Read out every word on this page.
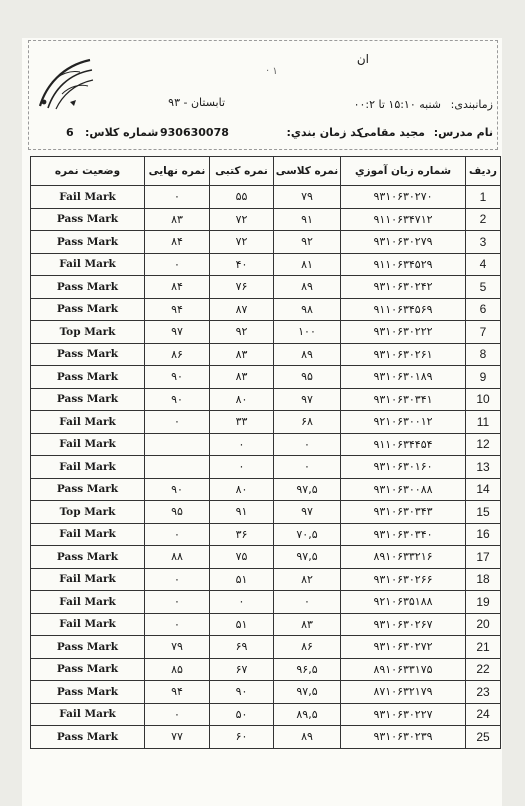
ان
· ۱
زمانبندی:
شنبه ۱۵:۱۰ تا ۰۰:۲
تابستان - ۹۳
نام مدرس:
مجید مقامی
کد زمان بندي:
930630078
شماره کلاس:
6
رديف	شماره زبان آموزي	نمره کلاسی	نمره کتبی	نمره نهایی	وضعیت نمره
1	۹۳۱۰۶۳۰۲۷۰	۷۹	۵۵	۰	Fail Mark
2	۹۱۱۰۶۳۴۷۱۲	۹۱	۷۲	۸۳	Pass Mark
3	۹۳۱۰۶۳۰۲۷۹	۹۲	۷۲	۸۴	Pass Mark
4	۹۱۱۰۶۳۴۵۲۹	۸۱	۴۰	۰	Fail Mark
5	۹۳۱۰۶۳۰۲۴۲	۸۹	۷۶	۸۴	Pass Mark
6	۹۱۱۰۶۳۴۵۶۹	۹۸	۸۷	۹۴	Pass Mark
7	۹۳۱۰۶۳۰۲۲۲	۱۰۰	۹۲	۹۷	Top Mark
8	۹۳۱۰۶۳۰۲۶۱	۸۹	۸۳	۸۶	Pass Mark
9	۹۳۱۰۶۳۰۱۸۹	۹۵	۸۳	۹۰	Pass Mark
10	۹۳۱۰۶۳۰۳۴۱	۹۷	۸۰	۹۰	Pass Mark
11	۹۲۱۰۶۳۰۰۱۲	۶۸	۳۳	۰	Fail Mark
12	۹۱۱۰۶۳۴۴۵۴	۰	۰		Fail Mark
13	۹۳۱۰۶۳۰۱۶۰	۰	۰		Fail Mark
14	۹۳۱۰۶۳۰۰۸۸	۹۷,۵	۸۰	۹۰	Pass Mark
15	۹۳۱۰۶۳۰۳۴۳	۹۷	۹۱	۹۵	Top Mark
16	۹۳۱۰۶۳۰۳۴۰	۷۰,۵	۳۶	۰	Fail Mark
17	۸۹۱۰۶۳۳۲۱۶	۹۷,۵	۷۵	۸۸	Pass Mark
18	۹۳۱۰۶۳۰۲۶۶	۸۲	۵۱	۰	Fail Mark
19	۹۲۱۰۶۳۵۱۸۸	۰	۰	۰	Fail Mark
20	۹۳۱۰۶۳۰۲۶۷	۸۳	۵۱	۰	Fail Mark
21	۹۳۱۰۶۳۰۲۷۲	۸۶	۶۹	۷۹	Pass Mark
22	۸۹۱۰۶۳۳۱۷۵	۹۶,۵	۶۷	۸۵	Pass Mark
23	۸۷۱۰۶۳۲۱۷۹	۹۷,۵	۹۰	۹۴	Pass Mark
24	۹۳۱۰۶۳۰۲۲۷	۸۹,۵	۵۰	۰	Fail Mark
25	۹۳۱۰۶۳۰۲۳۹	۸۹	۶۰	۷۷	Pass Mark
